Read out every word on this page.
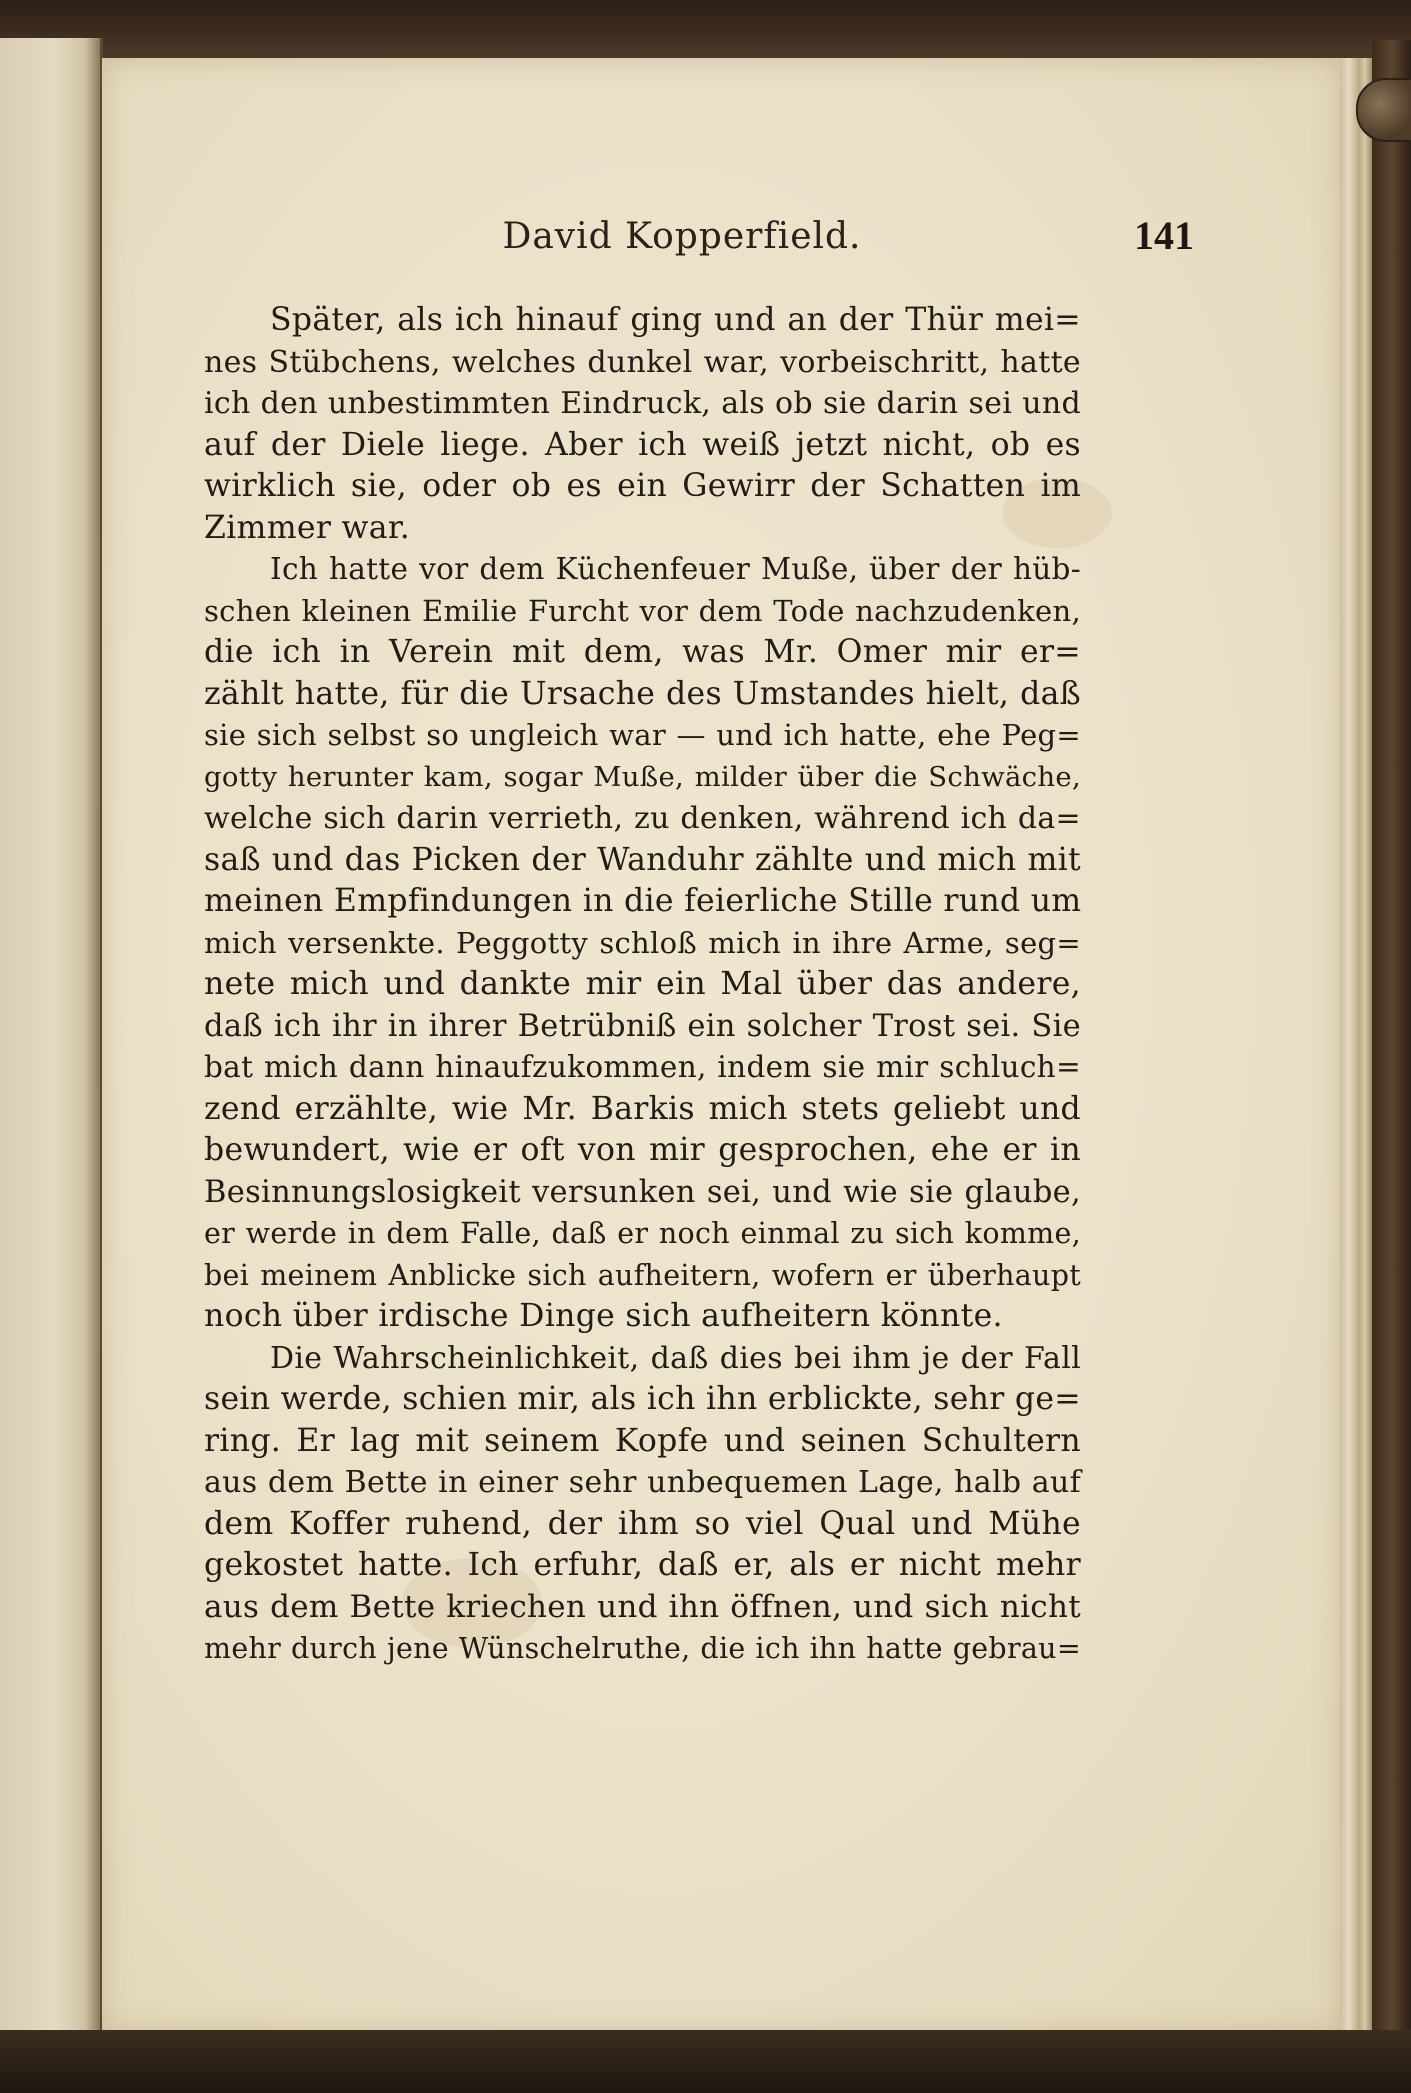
David Kopperfield.	141
Später, als ich hinauf ging und an der Thür mei=
nes Stübchens, welches dunkel war, vorbeischritt, hatte
ich den unbestimmten Eindruck, als ob sie darin sei und
auf der Diele liege. Aber ich weiß jetzt nicht, ob es
wirklich sie, oder ob es ein Gewirr der Schatten im
Zimmer war.
Ich hatte vor dem Küchenfeuer Muße, über der hüb-
schen kleinen Emilie Furcht vor dem Tode nachzudenken,
die ich in Verein mit dem, was Mr. Omer mir er=
zählt hatte, für die Ursache des Umstandes hielt, daß
sie sich selbst so ungleich war — und ich hatte, ehe Peg=
gotty herunter kam, sogar Muße, milder über die Schwäche,
welche sich darin verrieth, zu denken, während ich da=
saß und das Picken der Wanduhr zählte und mich mit
meinen Empfindungen in die feierliche Stille rund um
mich versenkte. Peggotty schloß mich in ihre Arme, seg=
nete mich und dankte mir ein Mal über das andere,
daß ich ihr in ihrer Betrübniß ein solcher Trost sei. Sie
bat mich dann hinaufzukommen, indem sie mir schluch=
zend erzählte, wie Mr. Barkis mich stets geliebt und
bewundert, wie er oft von mir gesprochen, ehe er in
Besinnungslosigkeit versunken sei, und wie sie glaube,
er werde in dem Falle, daß er noch einmal zu sich komme,
bei meinem Anblicke sich aufheitern, wofern er überhaupt
noch über irdische Dinge sich aufheitern könnte.
Die Wahrscheinlichkeit, daß dies bei ihm je der Fall
sein werde, schien mir, als ich ihn erblickte, sehr ge=
ring. Er lag mit seinem Kopfe und seinen Schultern
aus dem Bette in einer sehr unbequemen Lage, halb auf
dem Koffer ruhend, der ihm so viel Qual und Mühe
gekostet hatte. Ich erfuhr, daß er, als er nicht mehr
aus dem Bette kriechen und ihn öffnen, und sich nicht
mehr durch jene Wünschelruthe, die ich ihn hatte gebrau=
